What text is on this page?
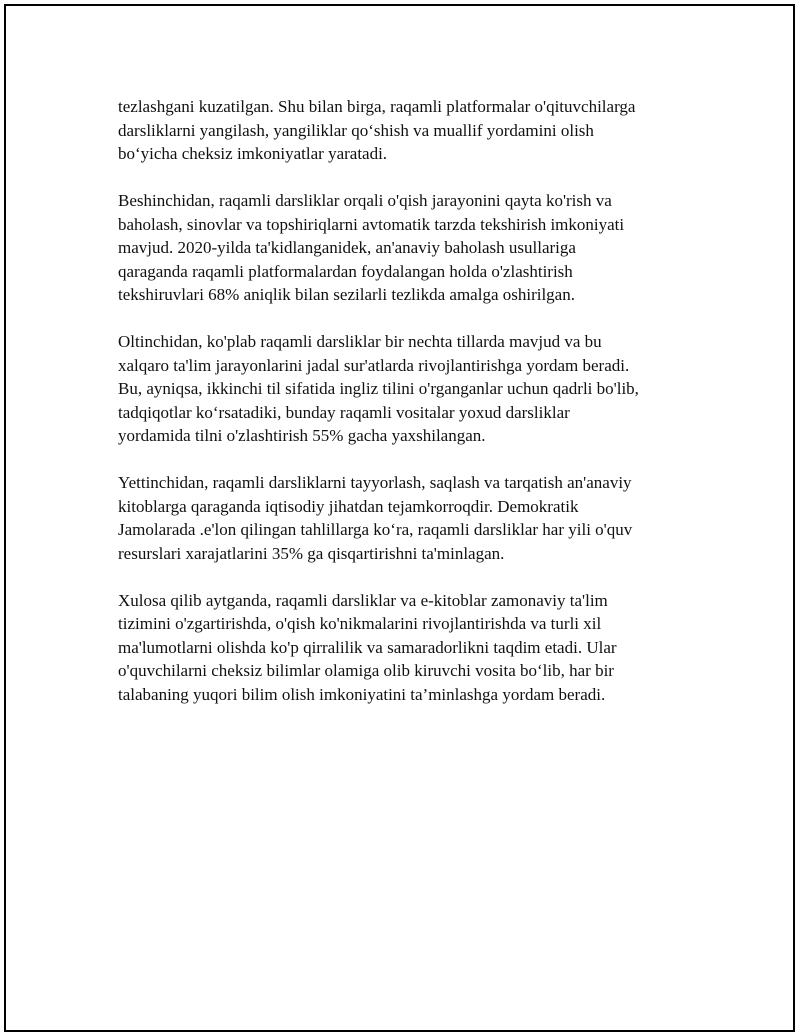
tezlashgani kuzatilgan. Shu bilan birga, raqamli platformalar o'qituvchilarga
darsliklarni yangilash, yangiliklar qo‘shish va muallif yordamini olish
bo‘yicha cheksiz imkoniyatlar yaratadi.

Beshinchidan, raqamli darsliklar orqali o'qish jarayonini qayta ko'rish va
baholash, sinovlar va topshiriqlarni avtomatik tarzda tekshirish imkoniyati
mavjud. 2020-yilda ta'kidlanganidek, an'anaviy baholash usullariga
qaraganda raqamli platformalardan foydalangan holda o'zlashtirish
tekshiruvlari 68% aniqlik bilan sezilarli tezlikda amalga oshirilgan.

Oltinchidan, ko'plab raqamli darsliklar bir nechta tillarda mavjud va bu
xalqaro ta'lim jarayonlarini jadal sur'atlarda rivojlantirishga yordam beradi.
Bu, ayniqsa, ikkinchi til sifatida ingliz tilini o'rganganlar uchun qadrli bo'lib,
tadqiqotlar ko‘rsatadiki, bunday raqamli vositalar yoxud darsliklar
yordamida tilni o'zlashtirish 55% gacha yaxshilangan.

Yettinchidan, raqamli darsliklarni tayyorlash, saqlash va tarqatish an'anaviy
kitoblarga qaraganda iqtisodiy jihatdan tejamkorroqdir. Demokratik
Jamolarada .e'lon qilingan tahlillarga ko‘ra, raqamli darsliklar har yili o'quv
resurslari xarajatlarini 35% ga qisqartirishni ta'minlagan.

Xulosa qilib aytganda, raqamli darsliklar va e-kitoblar zamonaviy ta'lim
tizimini o'zgartirishda, o'qish ko'nikmalarini rivojlantirishda va turli xil
ma'lumotlarni olishda ko'p qirralilik va samaradorlikni taqdim etadi. Ular
o'quvchilarni cheksiz bilimlar olamiga olib kiruvchi vosita bo‘lib, har bir
talabaning yuqori bilim olish imkoniyatini ta’minlashga yordam beradi.
